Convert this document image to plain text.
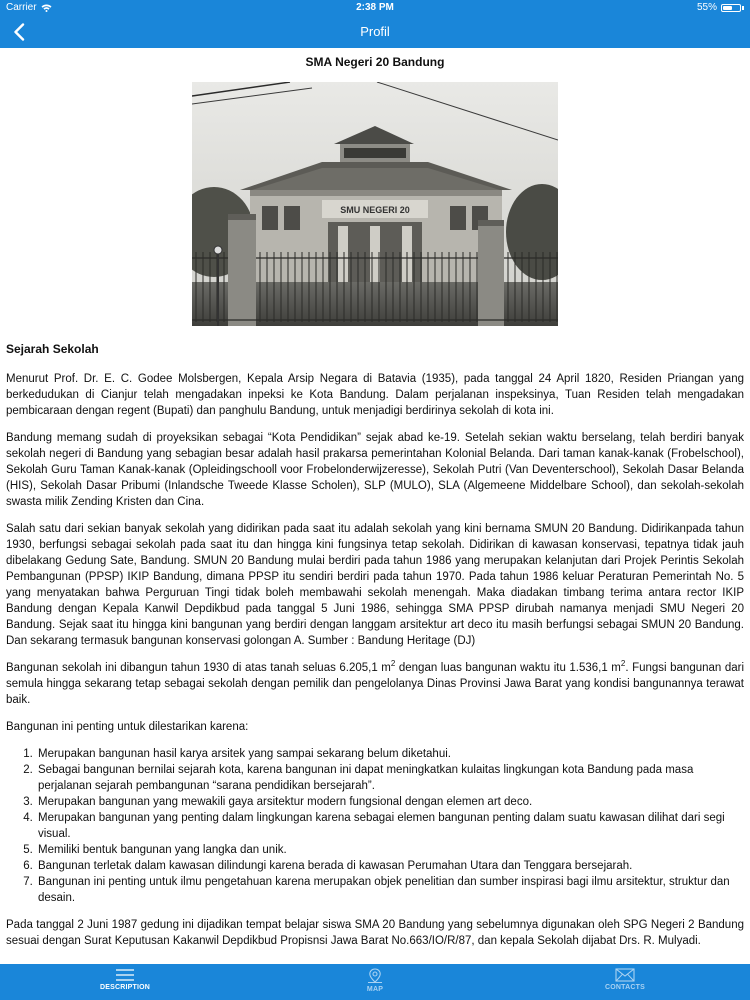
Carrier	2:38 PM	55%
Profil
SMA Negeri 20 Bandung
SMU NEGERI 20
Sejarah Sekolah

Menurut Prof. Dr. E. C. Godee Molsbergen, Kepala Arsip Negara di Batavia (1935), pada tanggal 24 April 1820, Residen Priangan yang berkedudukan di Cianjur telah mengadakan inpeksi ke Kota Bandung. Dalam perjalanan inspeksinya, Tuan Residen telah mengadakan pembicaraan dengan regent (Bupati) dan panghulu Bandung, untuk menjadigi berdirinya sekolah di kota ini.

Bandung memang sudah di proyeksikan sebagai “Kota Pendidikan” sejak abad ke-19. Setelah sekian waktu berselang, telah berdiri banyak sekolah negeri di Bandung yang sebagian besar adalah hasil prakarsa pemerintahan Kolonial Belanda. Dari taman kanak-kanak (Frobelschool), Sekolah Guru Taman Kanak-kanak (Opleidingschooll voor Frobelonderwijzeresse), Sekolah Putri (Van Deventerschool), Sekolah Dasar Belanda (HIS), Sekolah Dasar Pribumi (Inlandsche Tweede Klasse Scholen), SLP (MULO), SLA (Algemeene Middelbare School), dan sekolah-sekolah swasta milik Zending Kristen dan Cina.

Salah satu dari sekian banyak sekolah yang didirikan pada saat itu adalah sekolah yang kini bernama SMUN 20 Bandung. Didirikanpada tahun 1930, berfungsi sebagai sekolah pada saat itu dan hingga kini fungsinya tetap sekolah. Didirikan di kawasan konservasi, tepatnya tidak jauh dibelakang Gedung Sate, Bandung. SMUN 20 Bandung mulai berdiri pada tahun 1986 yang merupakan kelanjutan dari Projek Perintis Sekolah Pembangunan (PPSP) IKIP Bandung, dimana PPSP itu sendiri berdiri pada tahun 1970. Pada tahun 1986 keluar Peraturan Pemerintah No. 5 yang menyatakan bahwa Perguruan Tingi tidak boleh membawahi sekolah menengah. Maka diadakan timbang terima antara rector IKIP Bandung dengan Kepala Kanwil Depdikbud pada tanggal 5 Juni 1986, sehingga SMA PPSP dirubah namanya menjadi SMU Negeri 20 Bandung. Sejak saat itu hingga kini bangunan yang berdiri dengan langgam arsitektur art deco itu masih berfungsi sebagai SMUN 20 Bandung. Dan sekarang termasuk bangunan konservasi golongan A. Sumber : Bandung Heritage (DJ)

Bangunan sekolah ini dibangun tahun 1930 di atas tanah seluas 6.205,1 $m^2$ dengan luas bangunan waktu itu 1.536,1 $m^2$. Fungsi bangunan dari semula hingga sekarang tetap sebagai sekolah dengan pemilik dan pengelolanya Dinas Provinsi Jawa Barat yang kondisi bangunannya terawat baik.

Bangunan ini penting untuk dilestarikan karena:

1. Merupakan bangunan hasil karya arsitek yang sampai sekarang belum diketahui.
2. Sebagai bangunan bernilai sejarah kota, karena bangunan ini dapat meningkatkan kulaitas lingkungan kota Bandung pada masa perjalanan sejarah pembangunan “sarana pendidikan bersejarah”.
3. Merupakan bangunan yang mewakili gaya arsitektur modern fungsional dengan elemen art deco.
4. Merupakan bangunan yang penting dalam lingkungan karena sebagai elemen bangunan penting dalam suatu kawasan dilihat dari segi visual.
5. Memiliki bentuk bangunan yang langka dan unik.
6. Bangunan terletak dalam kawasan dilindungi karena berada di kawasan Perumahan Utara dan Tenggara bersejarah.
7. Bangunan ini penting untuk ilmu pengetahuan karena merupakan objek penelitian dan sumber inspirasi bagi ilmu arsitektur, struktur dan desain.

Pada tanggal 2 Juni 1987 gedung ini dijadikan tempat belajar siswa SMA 20 Bandung yang sebelumnya digunakan oleh SPG Negeri 2 Bandung sesuai dengan Surat Keputusan Kakanwil Depdikbud Propisnsi Jawa Barat No.663/IO/R/87, dan kepala Sekolah dijabat Drs. R. Mulyadi.

DESCRIPTION	MAP	CONTACTS
